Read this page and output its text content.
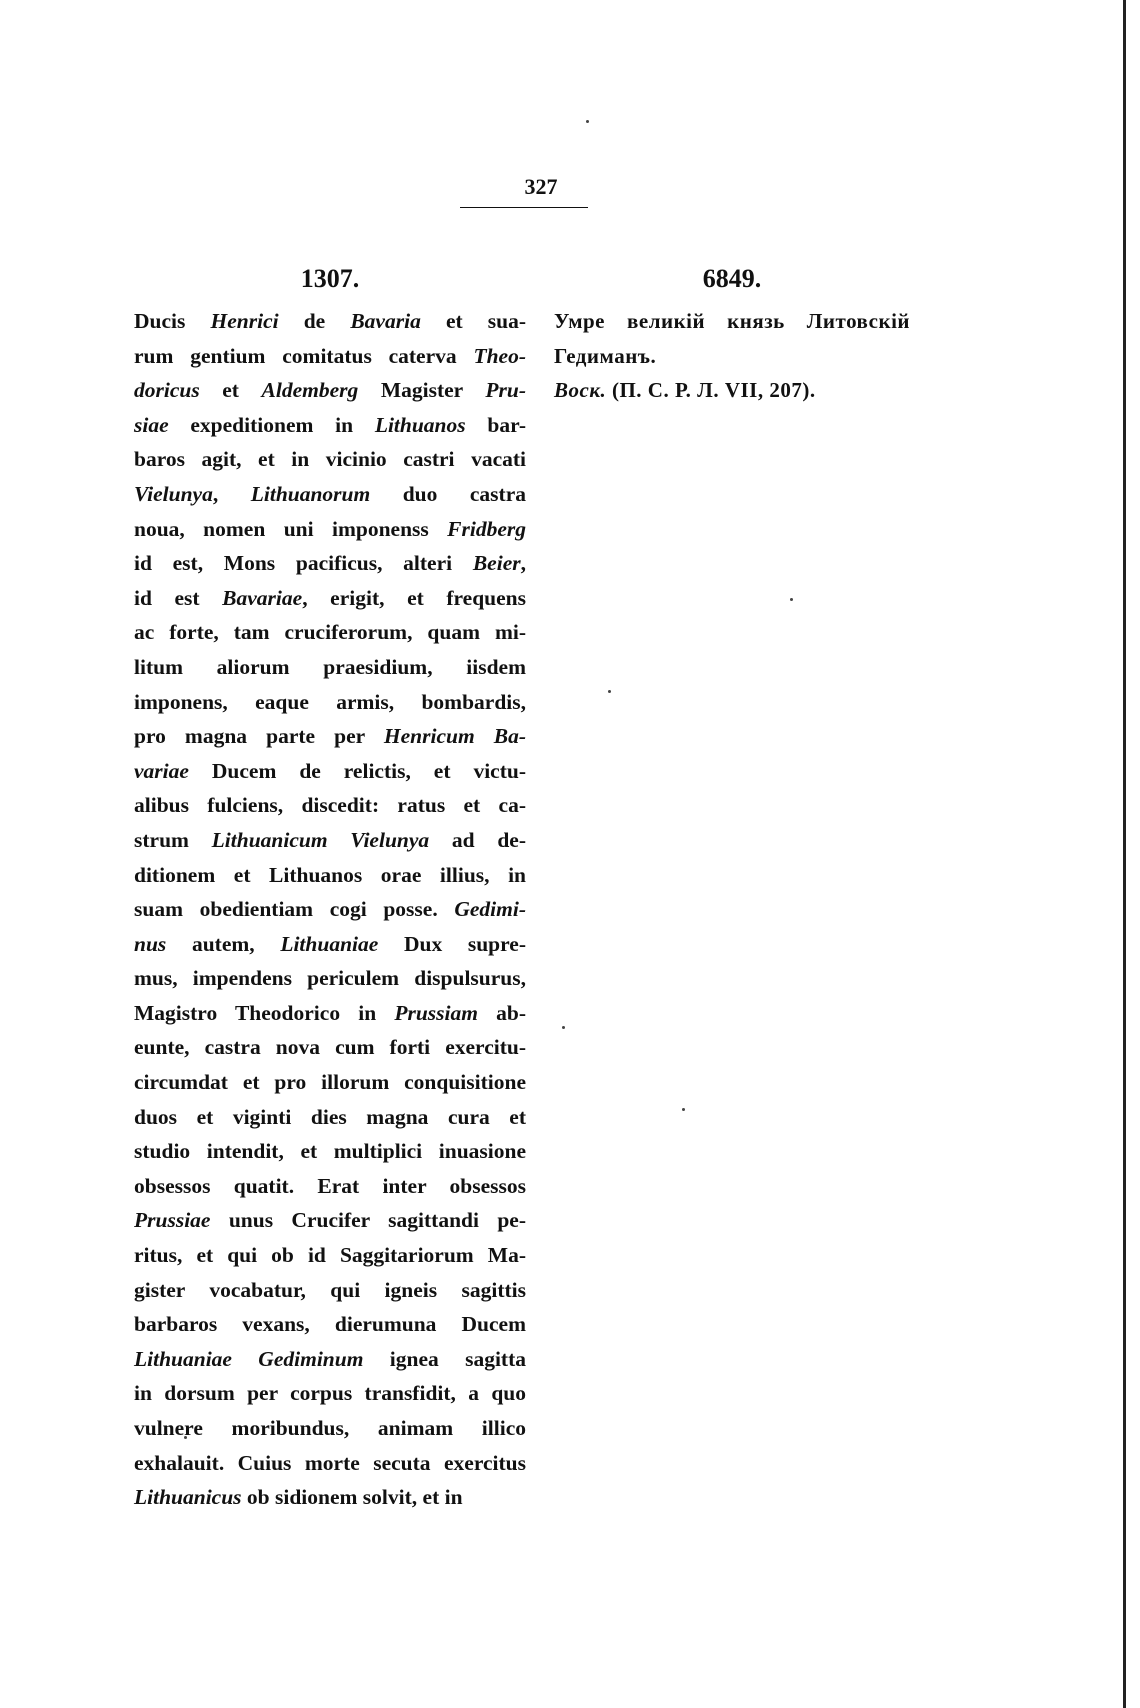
327
1307.
Ducis Henrici de Bavaria et sua-
rum gentium comitatus caterva Theo-
doricus et Aldemberg Magister Pru-
siae expeditionem in Lithuanos bar-
baros agit, et in vicinio castri vacati
Vielunya, Lithuanorum duo castra
noua, nomen uni imponenss Fridberg
id est, Mons pacificus, alteri Beier,
id est Bavariae, erigit, et frequens
ac forte, tam cruciferorum, quam mi-
litum aliorum praesidium, iisdem
imponens, eaque armis, bombardis,
pro magna parte per Henricum Ba-
variae Ducem de relictis, et victu-
alibus fulciens, discedit: ratus et ca-
strum Lithuanicum Vielunya ad de-
ditionem et Lithuanos orae illius, in
suam obedientiam cogi posse. Gedimi-
nus autem, Lithuaniae Dux supre-
mus, impendens periculem dispulsurus,
Magistro Theodorico in Prussiam ab-
eunte, castra nova cum forti exercitu-
circumdat et pro illorum conquisitione
duos et viginti dies magna cura et
studio intendit, et multiplici inuasione
obsessos quatit. Erat inter obsessos
Prussiae unus Crucifer sagittandi pe-
ritus, et qui ob id Saggitariorum Ma-
gister vocabatur, qui igneis sagittis
barbaros vexans, dierumuna Ducem
Lithuaniae Gediminum ignea sagitta
in dorsum per corpus transfidit, a quo
vulnere moribundus, animam illico
exhalauit. Cuius morte secuta exercitus
Lithuanicus ob sidionem solvit, et in
6849.
Умре великій князь Литовскій
Гедиманъ.
Воск. (П. С. Р. Л. VII, 207).
